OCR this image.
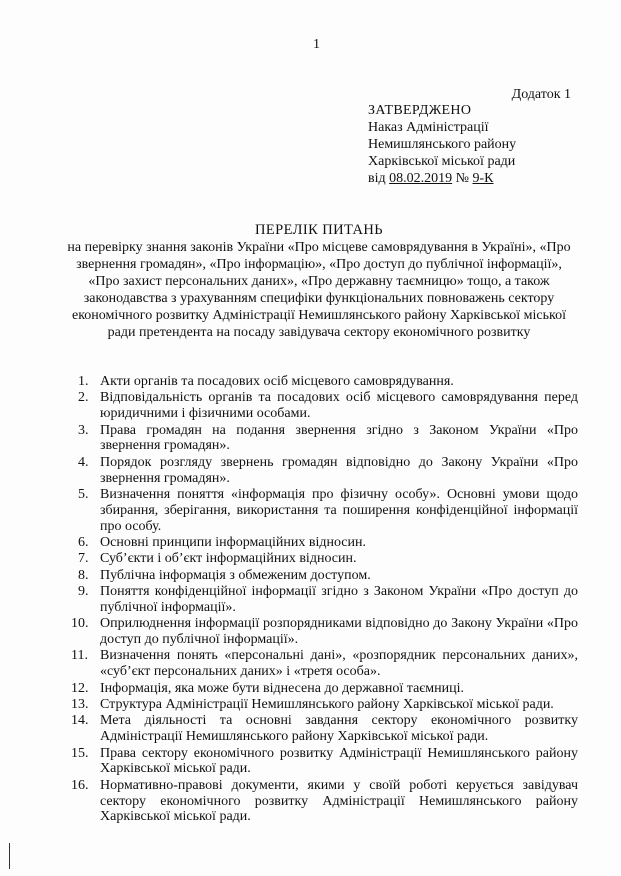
1
Додаток 1
ЗАТВЕРДЖЕНО
Наказ Адміністрації
Немишлянського району
Харківської міської ради
від 08.02.2019 № 9-К
ПЕРЕЛІК ПИТАНЬ
на перевірку знання законів України «Про місцеве самоврядування в Україні», «Про звернення громадян», «Про інформацію», «Про доступ до публічної інформації», «Про захист персональних даних», «Про державну таємницю» тощо, а також законодавства з урахуванням специфіки функціональних повноважень сектору економічного розвитку Адміністрації Немишлянського району Харківської міської ради претендента на посаду завідувача сектору економічного розвитку
1. Акти органів та посадових осіб місцевого самоврядування.
2. Відповідальність органів та посадових осіб місцевого самоврядування перед юридичними і фізичними особами.
3. Права громадян на подання звернення згідно з Законом України «Про звернення громадян».
4. Порядок розгляду звернень громадян відповідно до Закону України «Про звернення громадян».
5. Визначення поняття «інформація про фізичну особу». Основні умови щодо збирання, зберігання, використання та поширення конфіденційної інформації про особу.
6. Основні принципи інформаційних відносин.
7. Суб’єкти і об’єкт інформаційних відносин.
8. Публічна інформація з обмеженим доступом.
9. Поняття конфіденційної інформації згідно з Законом України «Про доступ до публічної інформації».
10. Оприлюднення інформації розпорядниками відповідно до Закону України «Про доступ до публічної інформації».
11. Визначення понять «персональні дані», «розпорядник персональних даних», «суб’єкт персональних даних» і «третя особа».
12. Інформація, яка може бути віднесена до державної таємниці.
13. Структура Адміністрації Немишлянського району Харківської міської ради.
14. Мета діяльності та основні завдання сектору економічного розвитку Адміністрації Немишлянського району Харківської міської ради.
15. Права сектору економічного розвитку Адміністрації Немишлянського району Харківської міської ради.
16. Нормативно-правові документи, якими у своїй роботі керується завідувач сектору економічного розвитку Адміністрації Немишлянського району Харківської міської ради.
